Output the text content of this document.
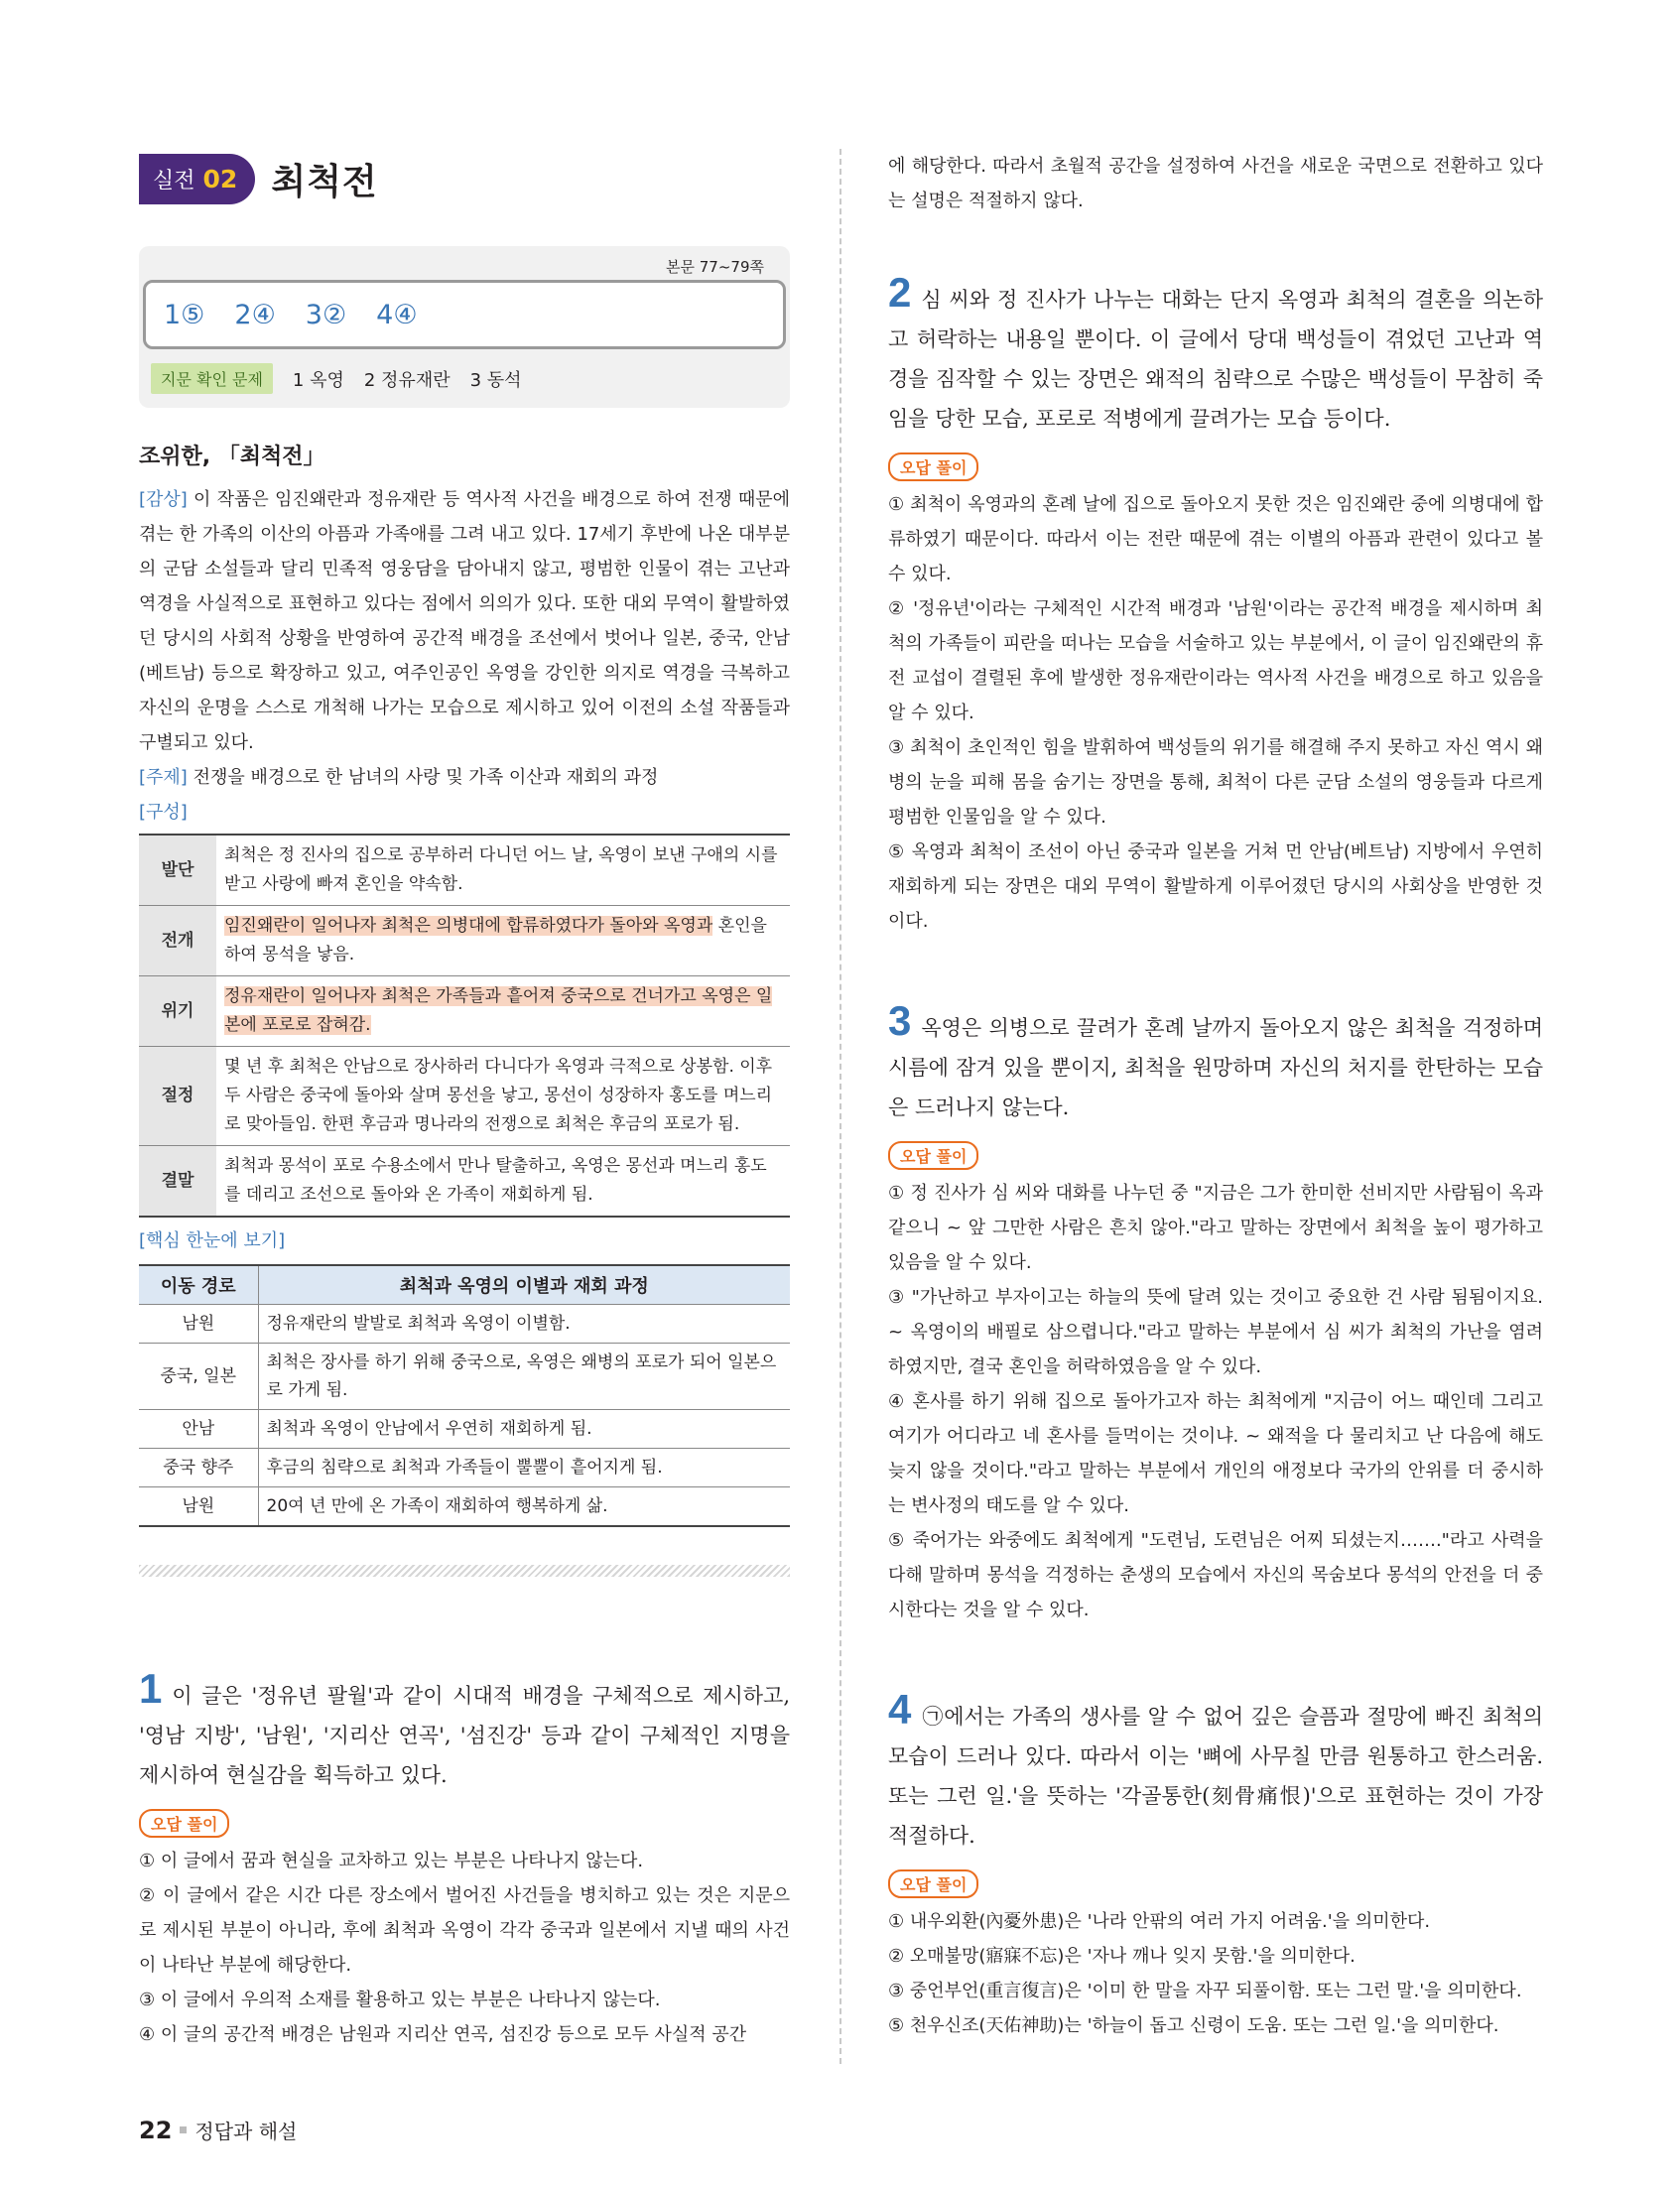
실전 02 최척전
본문 77~79쪽
1⑤ 2④ 3② 4④
지문 확인 문제	1 옥영 2 정유재란 3 동석
조위한, 「최척전」

[감상] 이 작품은 임진왜란과 정유재란 등 역사적 사건을 배경으로 하여 전쟁 때문에 겪는 한 가족의 이산의 아픔과 가족애를 그려 내고 있다. 17세기 후반에 나온 대부분의 군담 소설들과 달리 민족적 영웅담을 담아내지 않고, 평범한 인물이 겪는 고난과 역경을 사실적으로 표현하고 있다는 점에서 의의가 있다. 또한 대외 무역이 활발하였던 당시의 사회적 상황을 반영하여 공간적 배경을 조선에서 벗어나 일본, 중국, 안남(베트남) 등으로 확장하고 있고, 여주인공인 옥영을 강인한 의지로 역경을 극복하고 자신의 운명을 스스로 개척해 나가는 모습으로 제시하고 있어 이전의 소설 작품들과 구별되고 있다.

[주제] 전쟁을 배경으로 한 남녀의 사랑 및 가족 이산과 재회의 과정

[구성]

발단	최척은 정 진사의 집으로 공부하러 다니던 어느 날, 옥영이 보낸 구애의 시를 받고 사랑에 빠져 혼인을 약속함.
전개	임진왜란이 일어나자 최척은 의병대에 합류하였다가 돌아와 옥영과 혼인을 하여 몽석을 낳음.
위기	정유재란이 일어나자 최척은 가족들과 흩어져 중국으로 건너가고 옥영은 일본에 포로로 잡혀감.
절정	몇 년 후 최척은 안남으로 장사하러 다니다가 옥영과 극적으로 상봉함. 이후 두 사람은 중국에 돌아와 살며 몽선을 낳고, 몽선이 성장하자 홍도를 며느리로 맞아들임. 한편 후금과 명나라의 전쟁으로 최척은 후금의 포로가 됨.
결말	최척과 몽석이 포로 수용소에서 만나 탈출하고, 옥영은 몽선과 며느리 홍도를 데리고 조선으로 돌아와 온 가족이 재회하게 됨.

[핵심 한눈에 보기]

이동 경로	최척과 옥영의 이별과 재회 과정
남원	정유재란의 발발로 최척과 옥영이 이별함.
중국, 일본	최척은 장사를 하기 위해 중국으로, 옥영은 왜병의 포로가 되어 일본으로 가게 됨.
안남	최척과 옥영이 안남에서 우연히 재회하게 됨.
중국 향주	후금의 침략으로 최척과 가족들이 뿔뿔이 흩어지게 됨.
남원	20여 년 만에 온 가족이 재회하여 행복하게 삶.

1 이 글은 '정유년 팔월'과 같이 시대적 배경을 구체적으로 제시하고, '영남 지방', '남원', '지리산 연곡', '섬진강' 등과 같이 구체적인 지명을 제시하여 현실감을 획득하고 있다.

오답 풀이

① 이 글에서 꿈과 현실을 교차하고 있는 부분은 나타나지 않는다.

② 이 글에서 같은 시간 다른 장소에서 벌어진 사건들을 병치하고 있는 것은 지문으로 제시된 부분이 아니라, 후에 최척과 옥영이 각각 중국과 일본에서 지낼 때의 사건이 나타난 부분에 해당한다.

③ 이 글에서 우의적 소재를 활용하고 있는 부분은 나타나지 않는다.

④ 이 글의 공간적 배경은 남원과 지리산 연곡, 섬진강 등으로 모두 사실적 공간

에 해당한다. 따라서 초월적 공간을 설정하여 사건을 새로운 국면으로 전환하고 있다는 설명은 적절하지 않다.

2 심 씨와 정 진사가 나누는 대화는 단지 옥영과 최척의 결혼을 의논하고 허락하는 내용일 뿐이다. 이 글에서 당대 백성들이 겪었던 고난과 역경을 짐작할 수 있는 장면은 왜적의 침략으로 수많은 백성들이 무참히 죽임을 당한 모습, 포로로 적병에게 끌려가는 모습 등이다.

오답 풀이

① 최척이 옥영과의 혼례 날에 집으로 돌아오지 못한 것은 임진왜란 중에 의병대에 합류하였기 때문이다. 따라서 이는 전란 때문에 겪는 이별의 아픔과 관련이 있다고 볼 수 있다.

② '정유년'이라는 구체적인 시간적 배경과 '남원'이라는 공간적 배경을 제시하며 최척의 가족들이 피란을 떠나는 모습을 서술하고 있는 부분에서, 이 글이 임진왜란의 휴전 교섭이 결렬된 후에 발생한 정유재란이라는 역사적 사건을 배경으로 하고 있음을 알 수 있다.

③ 최척이 초인적인 힘을 발휘하여 백성들의 위기를 해결해 주지 못하고 자신 역시 왜병의 눈을 피해 몸을 숨기는 장면을 통해, 최척이 다른 군담 소설의 영웅들과 다르게 평범한 인물임을 알 수 있다.

⑤ 옥영과 최척이 조선이 아닌 중국과 일본을 거쳐 먼 안남(베트남) 지방에서 우연히 재회하게 되는 장면은 대외 무역이 활발하게 이루어졌던 당시의 사회상을 반영한 것이다.

3 옥영은 의병으로 끌려가 혼례 날까지 돌아오지 않은 최척을 걱정하며 시름에 잠겨 있을 뿐이지, 최척을 원망하며 자신의 처지를 한탄하는 모습은 드러나지 않는다.

오답 풀이

① 정 진사가 심 씨와 대화를 나누던 중 "지금은 그가 한미한 선비지만 사람됨이 옥과 같으니 ~ 앞 그만한 사람은 흔치 않아."라고 말하는 장면에서 최척을 높이 평가하고 있음을 알 수 있다.

③ "가난하고 부자이고는 하늘의 뜻에 달려 있는 것이고 중요한 건 사람 됨됨이지요. ~ 옥영이의 배필로 삼으렵니다."라고 말하는 부분에서 심 씨가 최척의 가난을 염려하였지만, 결국 혼인을 허락하였음을 알 수 있다.

④ 혼사를 하기 위해 집으로 돌아가고자 하는 최척에게 "지금이 어느 때인데 그리고 여기가 어디라고 네 혼사를 들먹이는 것이냐. ~ 왜적을 다 물리치고 난 다음에 해도 늦지 않을 것이다."라고 말하는 부분에서 개인의 애정보다 국가의 안위를 더 중시하는 변사정의 태도를 알 수 있다.

⑤ 죽어가는 와중에도 최척에게 "도련님, 도련님은 어찌 되셨는지……."라고 사력을 다해 말하며 몽석을 걱정하는 춘생의 모습에서 자신의 목숨보다 몽석의 안전을 더 중시한다는 것을 알 수 있다.

4 ㉠에서는 가족의 생사를 알 수 없어 깊은 슬픔과 절망에 빠진 최척의 모습이 드러나 있다. 따라서 이는 '뼈에 사무칠 만큼 원통하고 한스러움. 또는 그런 일.'을 뜻하는 '각골통한(刻骨痛恨)'으로 표현하는 것이 가장 적절하다.

오답 풀이

① 내우외환(內憂外患)은 '나라 안팎의 여러 가지 어려움.'을 의미한다.

② 오매불망(寤寐不忘)은 '자나 깨나 잊지 못함.'을 의미한다.

③ 중언부언(重言復言)은 '이미 한 말을 자꾸 되풀이함. 또는 그런 말.'을 의미한다.

⑤ 천우신조(天佑神助)는 '하늘이 돕고 신령이 도움. 또는 그런 일.'을 의미한다.

22 정답과 해설
